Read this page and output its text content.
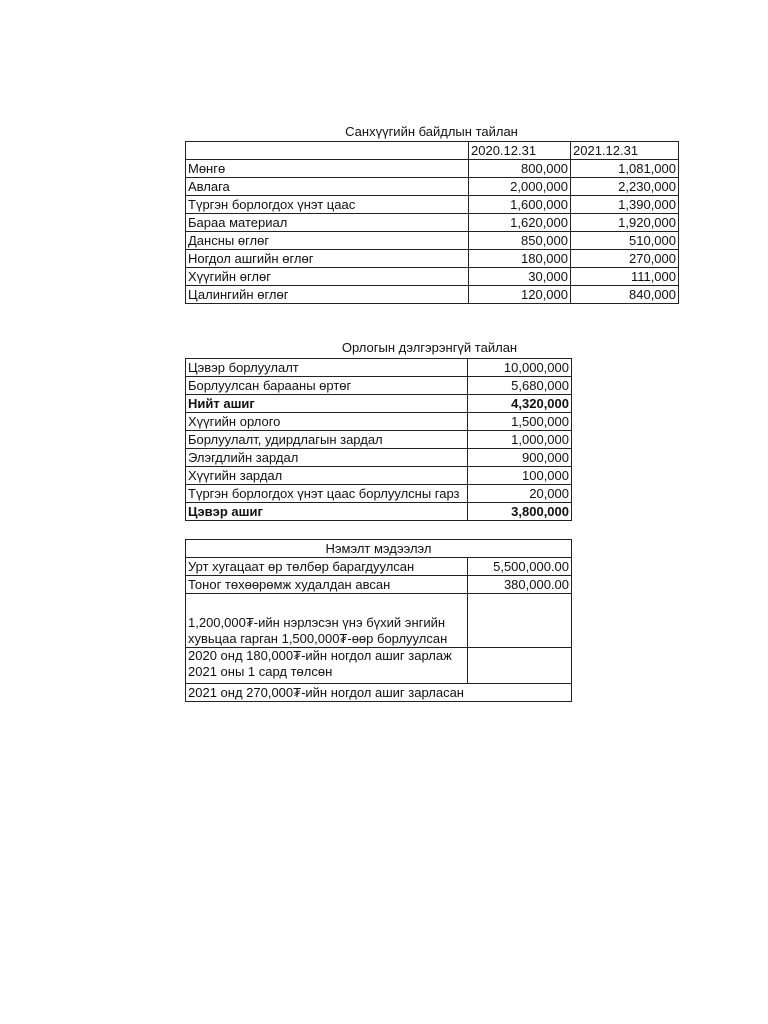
Санхүүгийн байдлын тайлан
	2020.12.31	2021.12.31
Мөнгө	800,000	1,081,000
Авлага	2,000,000	2,230,000
Түргэн борлогдох үнэт цаас	1,600,000	1,390,000
Бараа материал	1,620,000	1,920,000
Дансны өглөг	850,000	510,000
Ногдол ашгийн өглөг	180,000	270,000
Хүүгийн өглөг	30,000	111,000
Цалингийн өглөг	120,000	840,000
Орлогын дэлгэрэнгүй тайлан
Цэвэр борлуулалт	10,000,000
Борлуулсан барааны өртөг	5,680,000
Нийт ашиг	4,320,000
Хүүгийн орлого	1,500,000
Борлуулалт, удирдлагын зардал	1,000,000
Элэгдлийн зардал	900,000
Хүүгийн зардал	100,000
Түргэн борлогдох үнэт цаас борлуулсны гарз	20,000
Цэвэр ашиг	3,800,000
Нэмэлт мэдээлэл	
Урт хугацаат өр төлбөр барагдуулсан	5,500,000.00
Тоног төхөөрөмж худалдан авсан	380,000.00
1,200,000₮-ийн нэрлэсэн үнэ бүхий энгийн хувьцаа гарган 1,500,000₮-өөр борлуулсан	
2020 онд 180,000₮-ийн ногдол ашиг зарлаж 2021 оны 1 сард төлсөн	
2021 онд 270,000₮-ийн ногдол ашиг зарласан	
